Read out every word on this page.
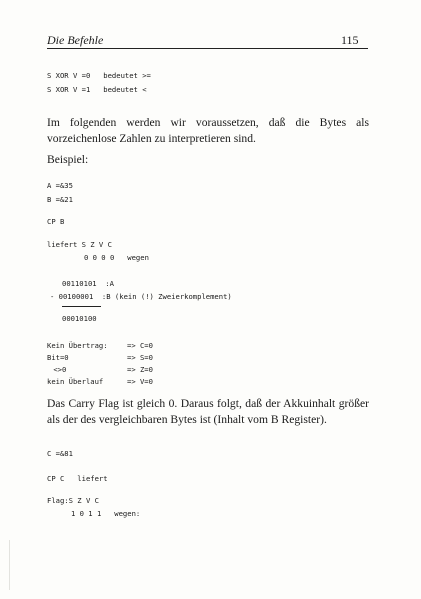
Die Befehle	115
S XOR V =0   bedeutet >=
S XOR V =1   bedeutet <
Im folgenden werden wir voraussetzen, daß die Bytes als vorzeichenlose Zahlen zu interpretieren sind.
Beispiel:
A =&35
B =&21
CP B
liefert S Z V C
0 0 0 0   wegen
00110101  :A
- 00100001  :B (kein (!) Zweierkomplement)
00010100
Kein Übertrag:	=> C=0
Bit=0	=> S=0
<>0	=> Z=0
kein Überlauf	=> V=0
Das Carry Flag ist gleich 0. Daraus folgt, daß der Akkuinhalt größer als der des vergleichbaren Bytes ist (Inhalt vom B Register).
C =&81
CP C   liefert
Flag:S Z V C
1 0 1 1   wegen:
